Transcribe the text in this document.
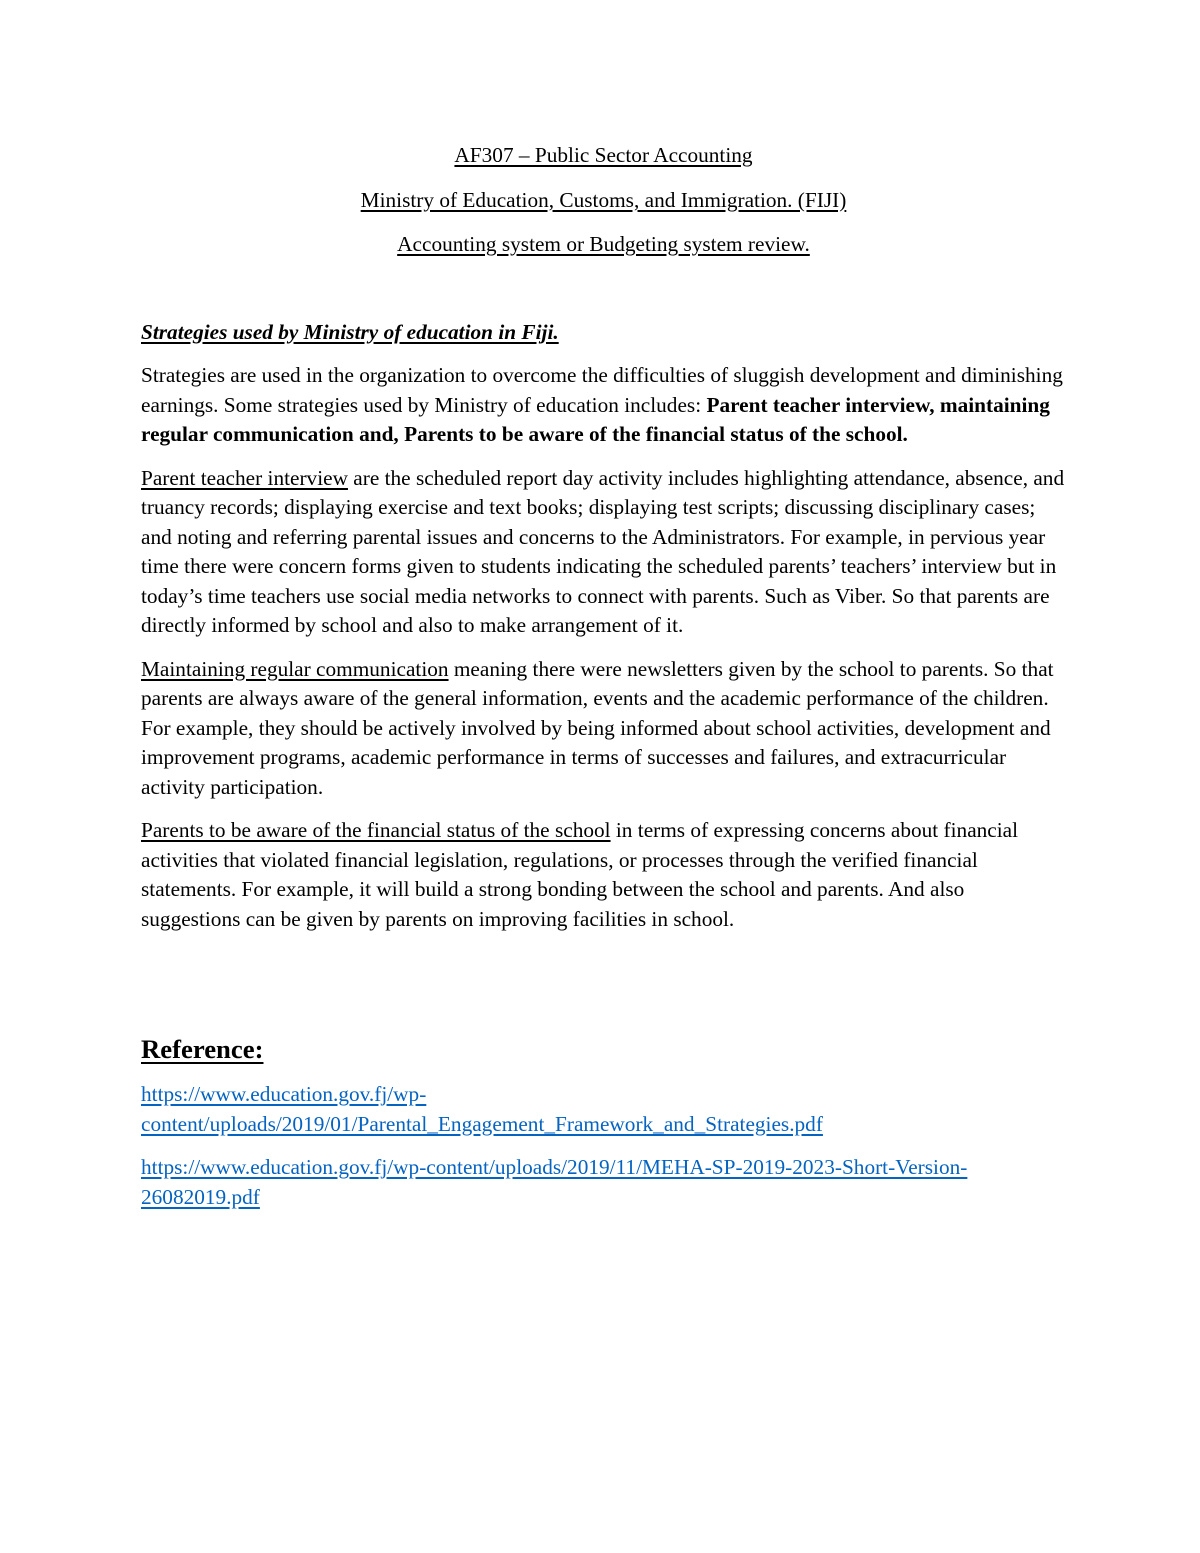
AF307 – Public Sector Accounting
Ministry of Education, Customs, and Immigration. (FIJI)
Accounting system or Budgeting system review.
Strategies used by Ministry of education in Fiji.

Strategies are used in the organization to overcome the difficulties of sluggish development and diminishing earnings. Some strategies used by Ministry of education includes: Parent teacher interview, maintaining regular communication and, Parents to be aware of the financial status of the school.

Parent teacher interview are the scheduled report day activity includes highlighting attendance, absence, and truancy records; displaying exercise and text books; displaying test scripts; discussing disciplinary cases; and noting and referring parental issues and concerns to the Administrators. For example, in pervious year time there were concern forms given to students indicating the scheduled parents’ teachers’ interview but in today’s time teachers use social media networks to connect with parents. Such as Viber. So that parents are directly informed by school and also to make arrangement of it.

Maintaining regular communication meaning there were newsletters given by the school to parents. So that parents are always aware of the general information, events and the academic performance of the children. For example, they should be actively involved by being informed about school activities, development and improvement programs, academic performance in terms of successes and failures, and extracurricular activity participation.

Parents to be aware of the financial status of the school in terms of expressing concerns about financial activities that violated financial legislation, regulations, or processes through the verified financial statements. For example, it will build a strong bonding between the school and parents. And also suggestions can be given by parents on improving facilities in school.

Reference:
https://www.education.gov.fj/wp-content/uploads/2019/01/Parental_Engagement_Framework_and_Strategies.pdf
https://www.education.gov.fj/wp-content/uploads/2019/11/MEHA-SP-2019-2023-Short-Version-26082019.pdf
